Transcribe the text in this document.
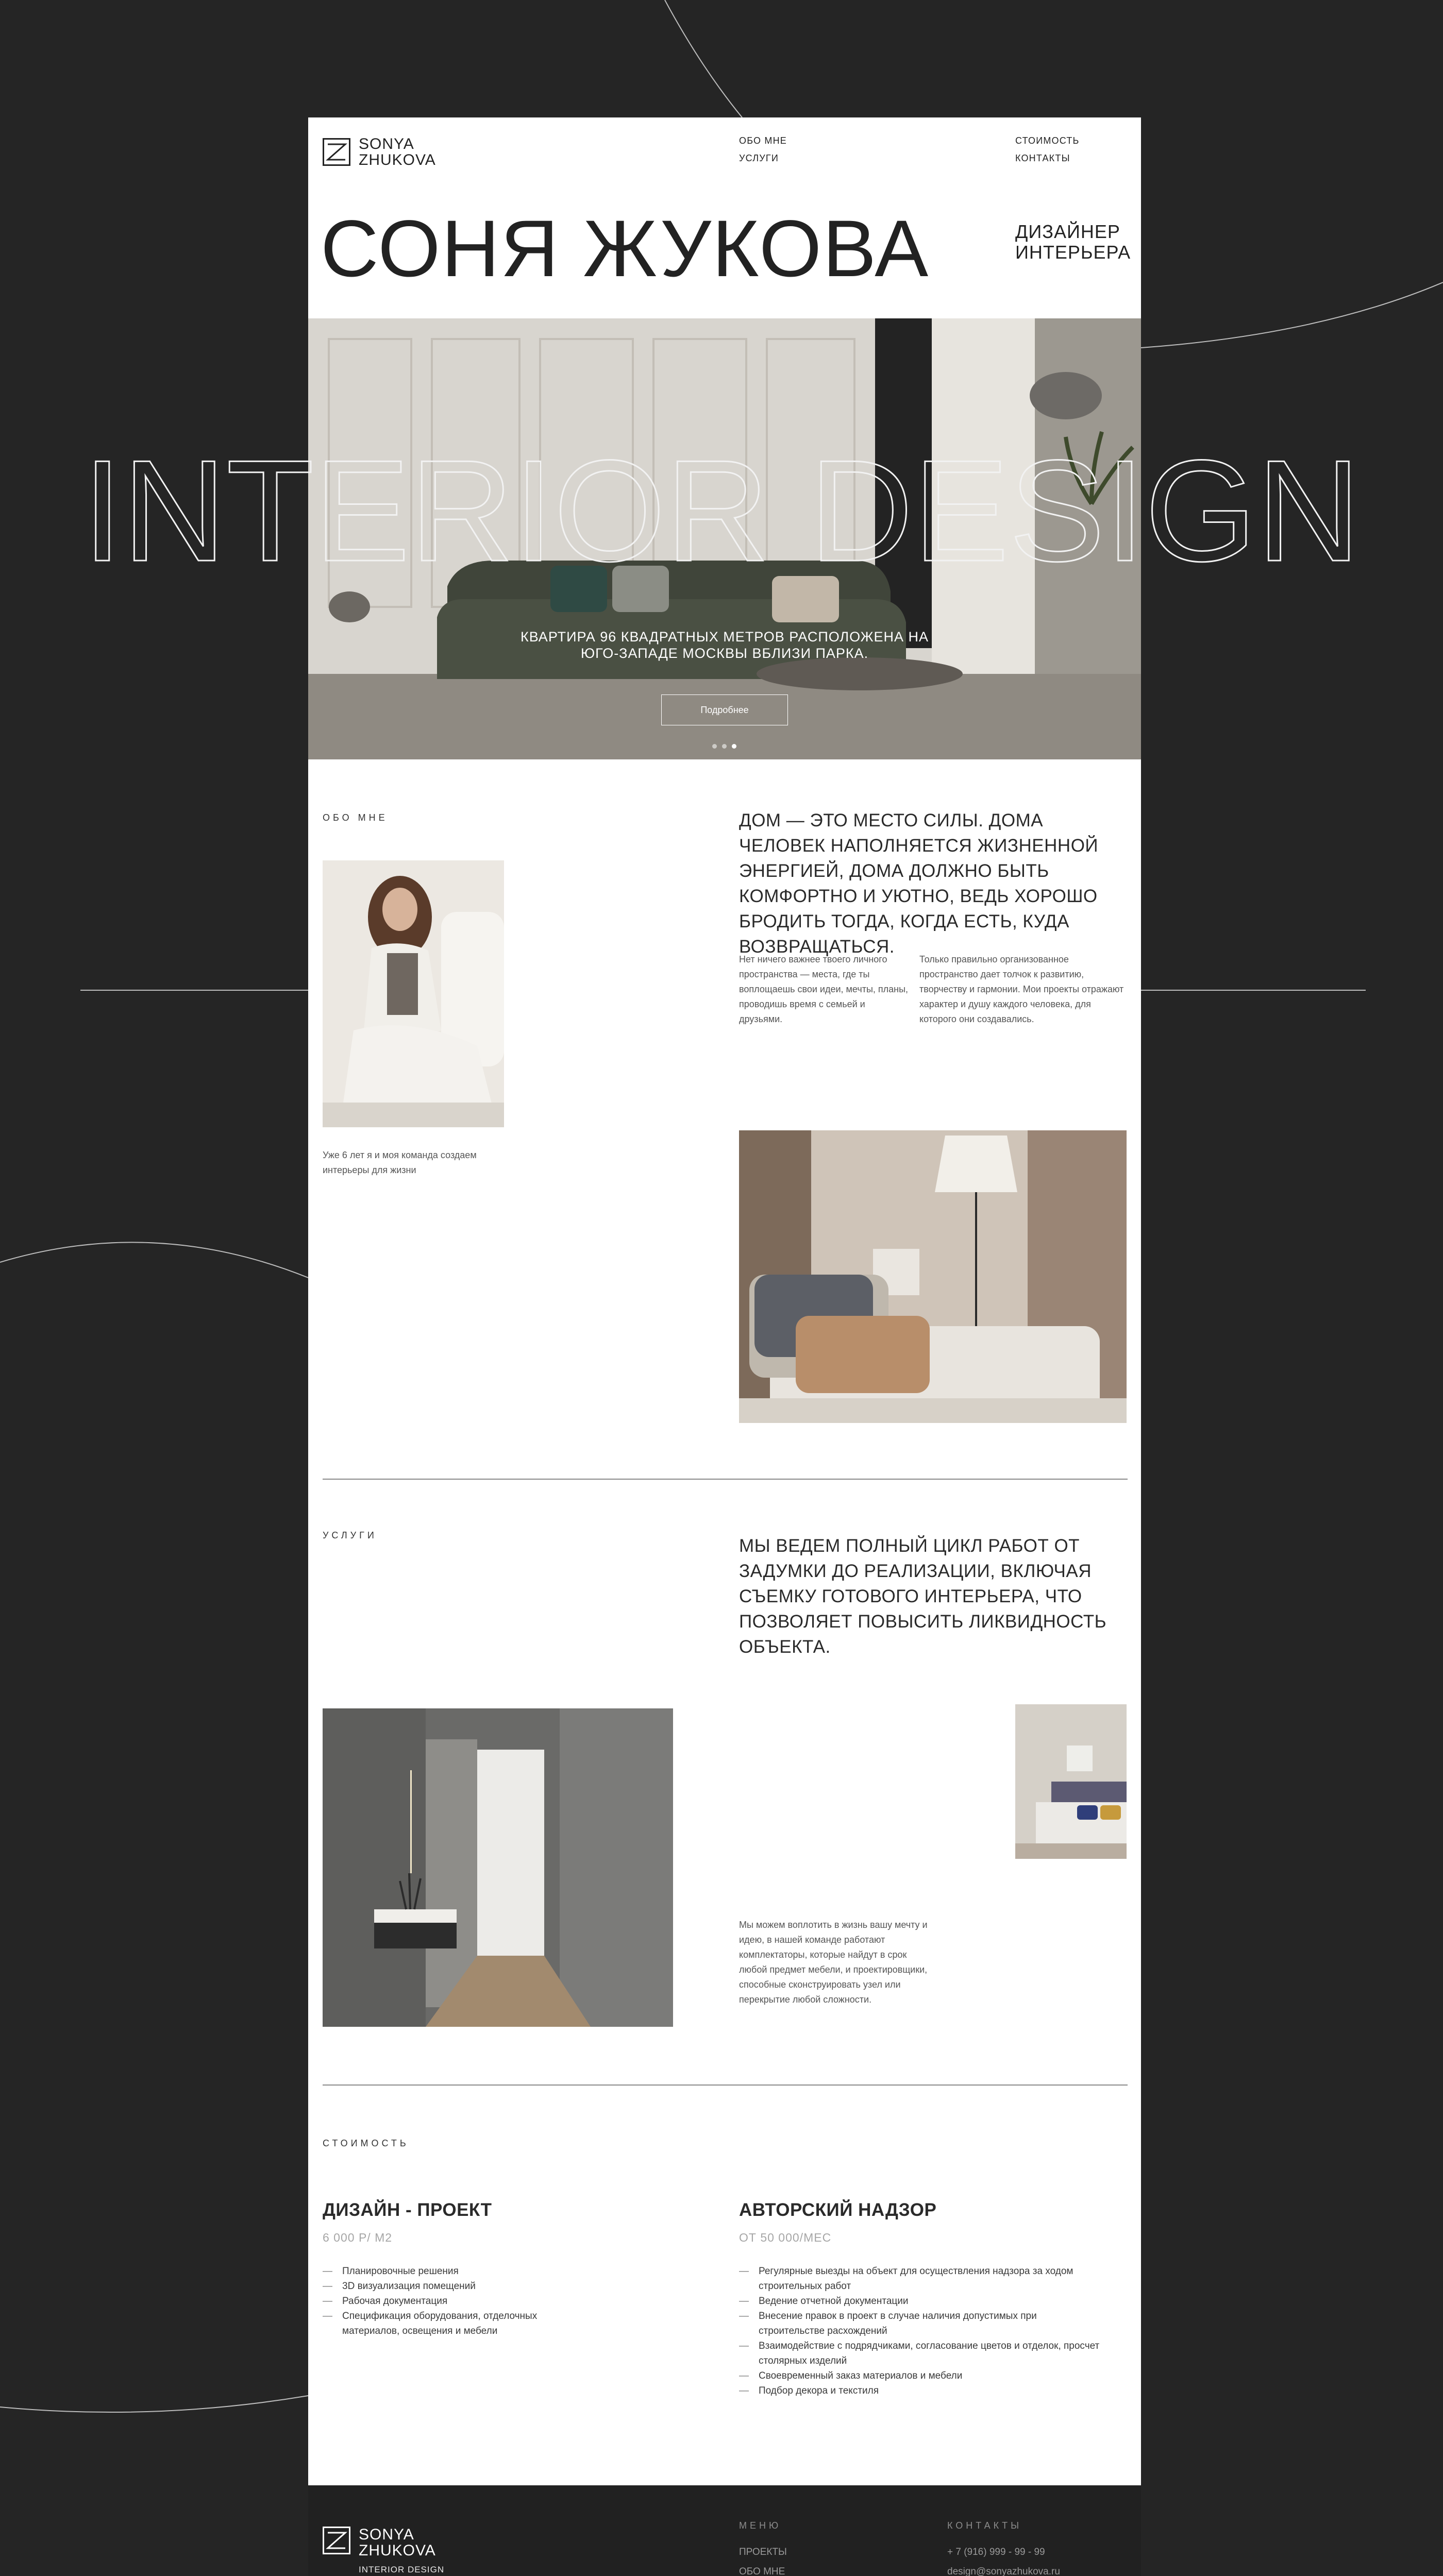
SONYA
ZHUKOVA
ОБО МНЕ
УСЛУГИ
СТОИМОСТЬ
КОНТАКТЫ
СОНЯ ЖУКОВА	ДИЗАЙНЕР
ИНТЕРЬЕРА
КВАРТИРА 96 КВАДРАТНЫХ МЕТРОВ РАСПОЛОЖЕНА НА
ЮГО-ЗАПАДЕ МОСКВЫ ВБЛИЗИ ПАРКА.
Подробнее
ОБО МНЕ	ДОМ — ЭТО МЕСТО СИЛЫ. ДОМА ЧЕЛОВЕК НАПОЛНЯЕТСЯ ЖИЗНЕННОЙ ЭНЕРГИЕЙ, ДОМА ДОЛЖНО БЫТЬ КОМФОРТНО И УЮТНО, ВЕДЬ ХОРОШО БРОДИТЬ ТОГДА, КОГДА ЕСТЬ, КУДА ВОЗВРАЩАТЬСЯ.

Нет ничего важнее твоего личного пространства — места, где ты воплощаешь свои идеи, мечты, планы, проводишь время с семьей и друзьями.

Только правильно организованное пространство дает толчок к развитию, творчеству и гармонии. Мои проекты отражают характер и душу каждого человека, для которого они создавались.

Уже 6 лет я и моя команда создаем интерьеры для жизни

УСЛУГИ

МЫ ВЕДЕМ ПОЛНЫЙ ЦИКЛ РАБОТ ОТ ЗАДУМКИ ДО РЕАЛИЗАЦИИ, ВКЛЮЧАЯ СЪЕМКУ ГОТОВОГО ИНТЕРЬЕРА, ЧТО ПОЗВОЛЯЕТ ПОВЫСИТЬ ЛИКВИДНОСТЬ ОБЪЕКТА.

Мы можем воплотить в жизнь вашу мечту и идею, в нашей команде работают комплектаторы, которые найдут в срок любой предмет мебели, и проектировщики, способные сконструировать узел или перекрытие любой сложности.

СТОИМОСТЬ
ДИЗАЙН - ПРОЕКТ
6 000 Р/ М2
— Планировочные решения
— 3D визуализация помещений
— Рабочая документация
— Спецификация оборудования, отделочных материалов, освещения и мебели
АВТОРСКИЙ НАДЗОР
ОТ 50 000/МЕС
— Регулярные выезды на объект для осуществления надзора за ходом строительных работ
— Ведение отчетной документации
— Внесение правок в проект в случае наличия допустимых при строительстве расхождений
— Взаимодействие с подрядчиками, согласование цветов и отделок, просчет столярных изделий
— Своевременный заказ материалов и мебели
— Подбор декора и текстиля
SONYA
ZHUKOVA
INTERIOR DESIGN
МЕНЮ
ПРОЕКТЫ
ОБО МНЕ
КОНТАКТЫ
+ 7 (916) 999 - 99 - 99
design@sonyazhukova.ru
INTERIOR DESIGN
